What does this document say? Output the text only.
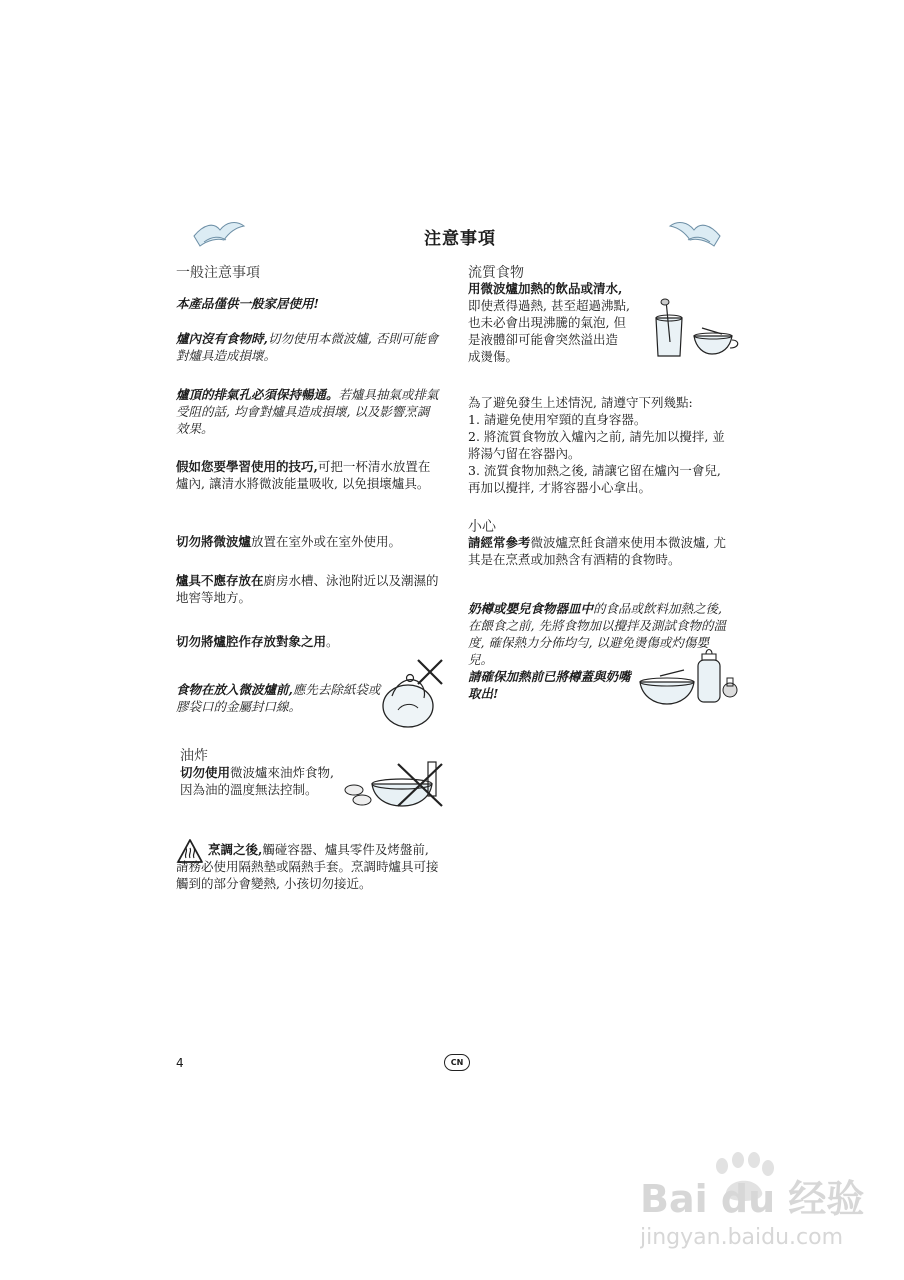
注意事項
一般注意事項
本產品僅供一般家居使用!
爐內沒有食物時,切勿使用本微波爐, 否則可能會對爐具造成損壞。
爐頂的排氣孔必須保持暢通。若爐具抽氣或排氣受阻的話, 均會對爐具造成損壞, 以及影響烹調效果。
假如您要學習使用的技巧,可把一杯清水放置在爐內, 讓清水將微波能量吸收, 以免損壞爐具。
切勿將微波爐放置在室外或在室外使用。
爐具不應存放在廚房水槽、泳池附近以及潮濕的地窖等地方。
切勿將爐腔作存放對象之用。
食物在放入微波爐前,應先去除紙袋或膠袋口的金屬封口線。
油炸
切勿使用微波爐來油炸食物, 因為油的溫度無法控制。
烹調之後,觸碰容器、爐具零件及烤盤前, 請務必使用隔熱墊或隔熱手套。烹調時爐具可接觸到的部分會變熱, 小孩切勿接近。
流質食物
用微波爐加熱的飲品或清水,即使煮得過熱, 甚至超過沸點, 也未必會出現沸騰的氣泡, 但是液體卻可能會突然溢出造成燙傷。
為了避免發生上述情況, 請遵守下列幾點:
1. 請避免使用窄頸的直身容器。
2. 將流質食物放入爐內之前, 請先加以攪拌, 並將湯勺留在容器內。
3. 流質食物加熱之後, 請讓它留在爐內一會兒, 再加以攪拌, 才將容器小心拿出。
小心
請經常參考微波爐烹飪食譜來使用本微波爐, 尤其是在烹煮或加熱含有酒精的食物時。
奶樽或嬰兒食物器皿中的食品或飲料加熱之後, 在餵食之前, 先將食物加以攪拌及測試食物的溫度, 確保熱力分佈均勻, 以避免燙傷或灼傷嬰兒。
請確保加熱前已將樽蓋與奶嘴取出!
4	CN
Bai du 经验
jingyan.baidu.com
